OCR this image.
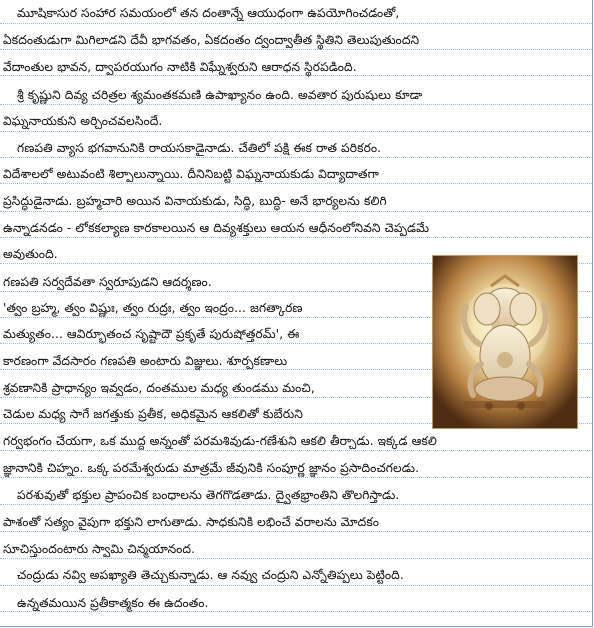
మూషికాసుర సంహార సమయంలో తన దంతాన్నే ఆయుధంగా ఉపయోగించడంతో,
ఏకదంతుడుగా మిగిలాడని దేవీ భాగవతం, ఏకదంతం ద్వంద్వాతీత స్థితిని తెలుపుతుందని
వేదాంతుల భావన, ద్వాపరయుగం నాటికి విఘ్నేశ్వరుని ఆరాధన స్థిరపడింది.
శ్రీ కృష్ణుని దివ్య చరిత్రల శ్యమంతకమణి ఉపాఖ్యానం ఉంది. అవతార పురుషులు కూడా
విఘ్ననాయకుని అర్చించవలసిందే.
గణపతి వ్యాస భగవానునికి రాయసకాడైనాడు. చేతిలో పక్షి ఈక రాత పరికరం.
విదేశాలలో అటువంటి శిల్పాలున్నాయి. దీనినిబట్టి విఘ్ననాయకుడు విద్యాదాతగా
ప్రసిద్ధుడైనాడు. బ్రహ్మచారి అయిన వినాయకుడు, సిద్ధి, బుద్ధి- అనే భార్యలను కలిగి
ఉన్నాడనడం - లోకకల్యాణ కారకాలయిన ఆ దివ్యశక్తులు ఆయన ఆధీనంలోనివని చెప్పడమే
అవుతుంది.
గణపతి సర్వదేవతా స్వరూపుడని ఆదర్శణం.
'త్వం బ్రహ్మ, త్వం విష్ణుః, త్వం రుద్రః, త్వం ఇంద్రం... జగత్కారణ
మత్యుతం... ఆవిర్భూతంచ సృష్టాదౌ ప్రకృతే పురుషోత్తరమ్', ఈ
కారణంగా వేదసారం గణపతి అంటారు విజ్ఞులు. శూర్పకణాలు
శ్రవణానికి ప్రాధాన్యం ఇవ్వడం, దంతముల మధ్య తుండము మంచి,
చెడుల మధ్య సాగే జగత్తుకు ప్రతీక, అధికమైన ఆకలితో కుబేరుని
గర్వభంగం చేయగా, ఒక ముద్ద అన్నంతో పరమశివుడు-గణేశుని ఆకలి తీర్చాడు. ఇక్కడ ఆకలి
జ్ఞానానికి చిహ్నం. ఒక్క పరమేశ్వరుడు మాత్రమే జీవునికి సంపూర్ణ జ్ఞానం ప్రసాదించగలడు.
పరశువుతో భక్తుల ప్రాపంచిక బంధాలను తెగగొడతాడు. ద్వైతభ్రాంతిని తొలగిస్తాడు.
పాశంతో సత్యం వైపుగా భక్తుని లాగుతాడు. సాధకునికి లభించే వరాలను మోదకం
సూచిస్తుందంటారు స్వామి చిన్మయానంద.
చంద్రుడు నవ్వి అపఖ్యాతి తెచ్చుకున్నాడు. ఆ నవ్వు చంద్రుని ఎన్నోతిప్పలు పెట్టింది.
ఉన్నతమయిన ప్రతీకాత్మకం ఈ ఉదంతం.
